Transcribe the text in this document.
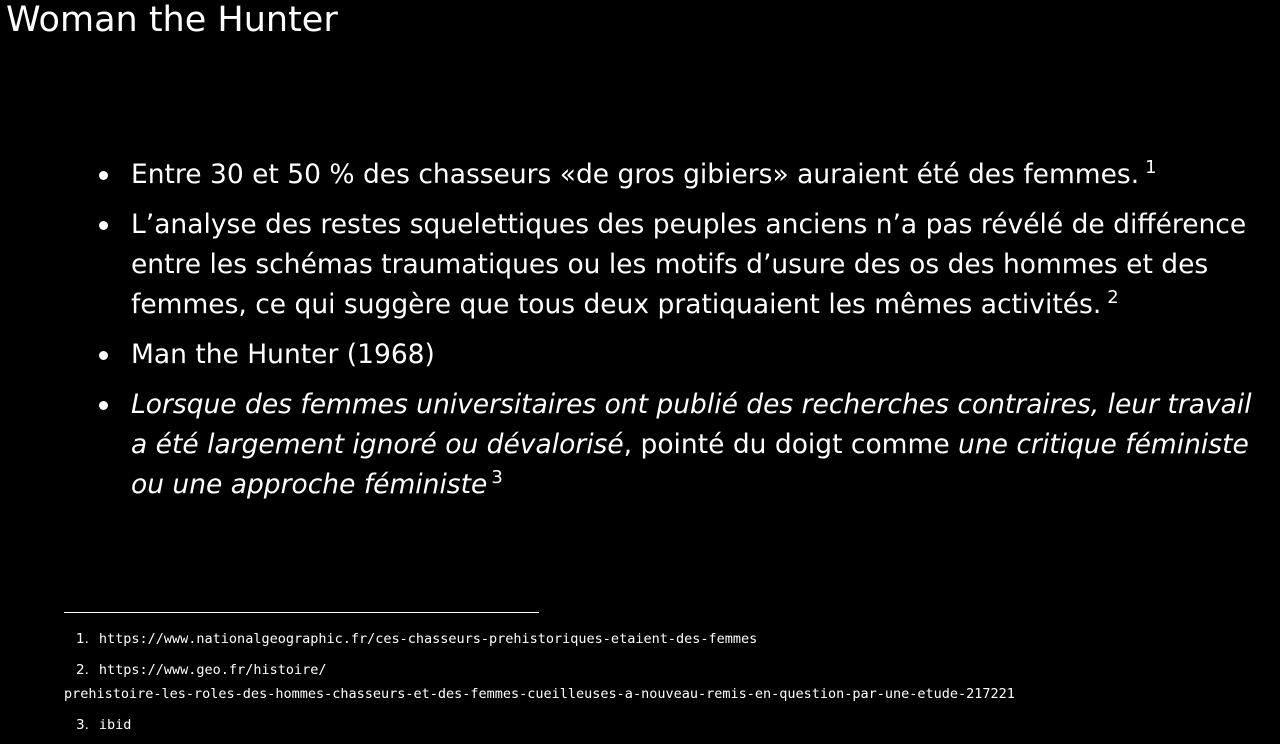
Woman the Hunter
Entre 30 et 50 % des chasseurs «de gros gibiers» auraient été des femmes. $^1$
L’analyse des restes squelettiques des peuples anciens n’a pas révélé de différence entre les schémas traumatiques ou les motifs d’usure des os des hommes et des femmes, ce qui suggère que tous deux pratiquaient les mêmes activités. $^2$
Man the Hunter (1968)
Lorsque des femmes universitaires ont publié des recherches contraires, leur travail a été largement ignoré ou dévalorisé, pointé du doigt comme une critique féministe ou une approche féministe $^3$
1. https://www.nationalgeographic.fr/ces-chasseurs-prehistoriques-etaient-des-femmes
2. https://www.geo.fr/histoire/
prehistoire-les-roles-des-hommes-chasseurs-et-des-femmes-cueilleuses-a-nouveau-remis-en-question-par-une-etude-217221
3. ibid
